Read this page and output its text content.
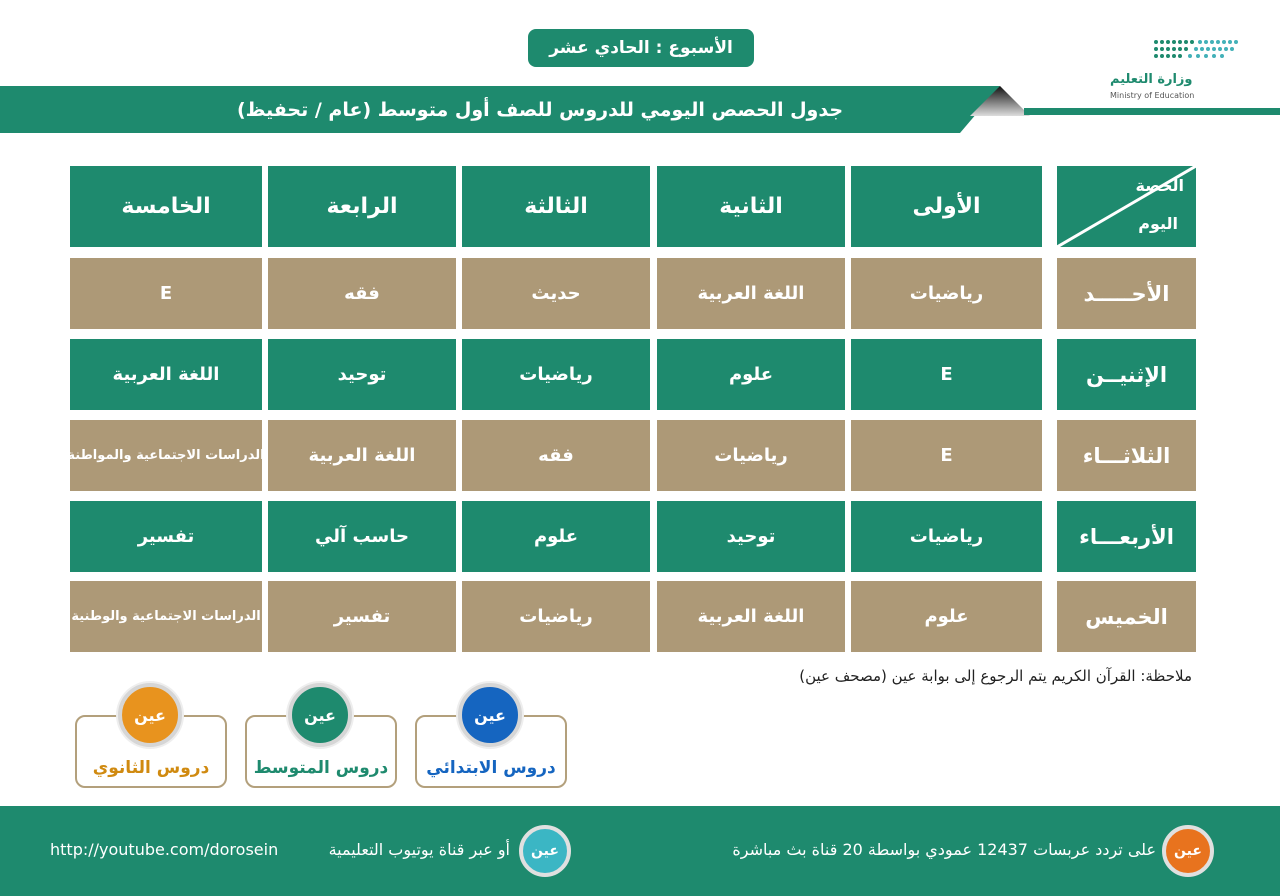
الأسبوع : الحادي عشر
وزارة التعليم
Ministry of Education
جدول الحصص اليومي للدروس للصف أول متوسط (عام / تحفيظ)
الحصة
اليوم
الأولى
الثانية
الثالثة
الرابعة
الخامسة
الأحـــــد
رياضيات
اللغة العربية
حديث
فقه
E
الإثنيــن
E
علوم
رياضيات
توحيد
اللغة العربية
الثلاثـــاء
E
رياضيات
فقه
اللغة العربية
الدراسات الاجتماعية والمواطنة
الأربعـــاء
رياضيات
توحيد
علوم
حاسب آلي
تفسير
الخميس
علوم
اللغة العربية
رياضيات
تفسير
الدراسات الاجتماعية والوطنية
ملاحظة: القرآن الكريم يتم الرجوع إلى بوابة عين (مصحف عين)
دروس الابتدائي
عين
دروس المتوسط
عين
دروس الثانوي
عين
عين
على تردد عربسات 12437 عمودي بواسطة 20 قناة بث مباشرة
عين
أو عبر قناة يوتيوب التعليمية
http://youtube.com/dorosein
